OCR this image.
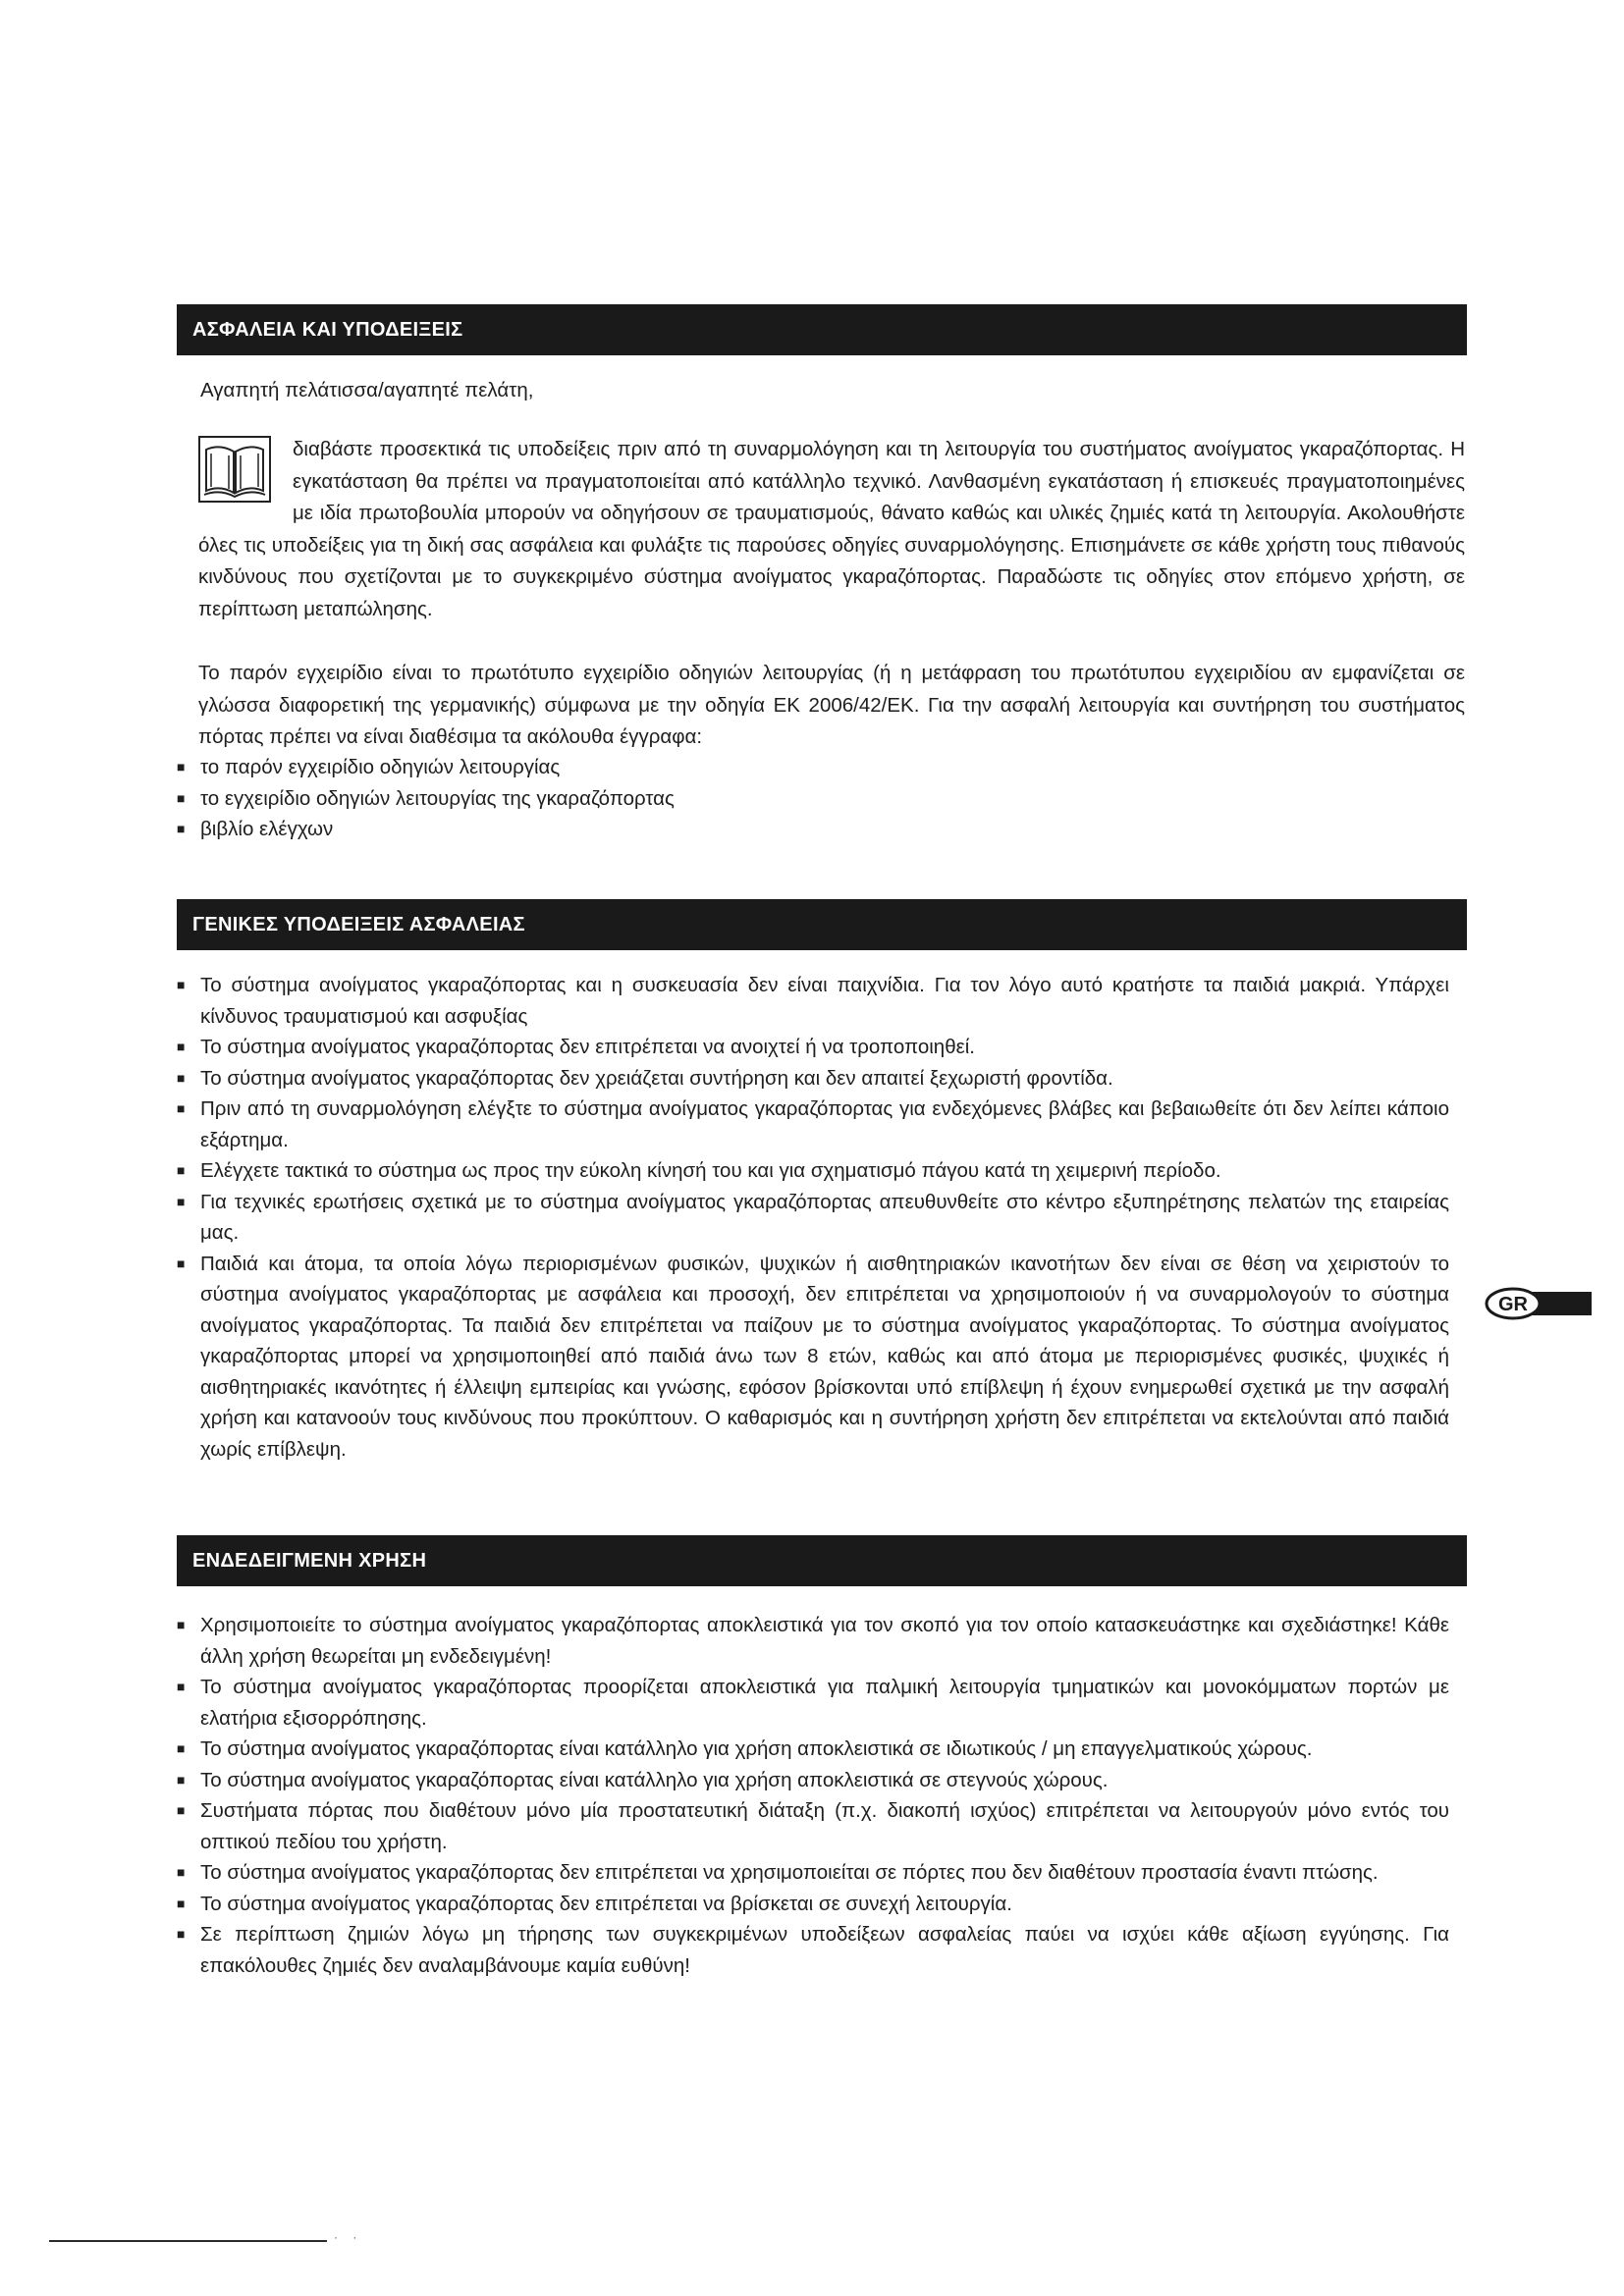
ΑΣΦΑΛΕΙΑ ΚΑΙ ΥΠΟΔΕΙΞΕΙΣ
Αγαπητή πελάτισσα/αγαπητέ πελάτη,
διαβάστε προσεκτικά τις υποδείξεις πριν από τη συναρμολόγηση και τη λειτουργία του συστήματος ανοίγματος γκαραζόπορτας. Η εγκατάσταση θα πρέπει να πραγματοποιείται από κατάλληλο τεχνικό. Λανθασμένη εγκατάσταση ή επισκευές πραγματοποιημένες με ιδία πρωτοβουλία μπορούν να οδηγήσουν σε τραυματισμούς, θάνατο καθώς και υλικές ζημιές κατά τη λειτουργία. Ακολουθήστε όλες τις υποδείξεις για τη δική σας ασφάλεια και φυλάξτε τις παρούσες οδηγίες συναρμολόγησης. Επισημάνετε σε κάθε χρήστη τους πιθανούς κινδύνους που σχετίζονται με το συγκεκριμένο σύστημα ανοίγματος γκαραζόπορτας. Παραδώστε τις οδηγίες στον επόμενο χρήστη, σε περίπτωση μεταπώλησης.
Το παρόν εγχειρίδιο είναι το πρωτότυπο εγχειρίδιο οδηγιών λειτουργίας (ή η μετάφραση του πρωτότυπου εγχειριδίου αν εμφανίζεται σε γλώσσα διαφορετική της γερμανικής) σύμφωνα με την οδηγία ΕΚ 2006/42/ΕΚ. Για την ασφαλή λειτουργία και συντήρηση του συστήματος πόρτας πρέπει να είναι διαθέσιμα τα ακόλουθα έγγραφα:
■ το παρόν εγχειρίδιο οδηγιών λειτουργίας
■ το εγχειρίδιο οδηγιών λειτουργίας της γκαραζόπορτας
■ βιβλίο ελέγχων
ΓΕΝΙΚΕΣ ΥΠΟΔΕΙΞΕΙΣ ΑΣΦΑΛΕΙΑΣ
■ Το σύστημα ανοίγματος γκαραζόπορτας και η συσκευασία δεν είναι παιχνίδια. Για τον λόγο αυτό κρατήστε τα παιδιά μακριά. Υπάρχει κίνδυνος τραυματισμού και ασφυξίας
■ Το σύστημα ανοίγματος γκαραζόπορτας δεν επιτρέπεται να ανοιχτεί ή να τροποποιηθεί.
■ Το σύστημα ανοίγματος γκαραζόπορτας δεν χρειάζεται συντήρηση και δεν απαιτεί ξεχωριστή φροντίδα.
■ Πριν από τη συναρμολόγηση ελέγξτε το σύστημα ανοίγματος γκαραζόπορτας για ενδεχόμενες βλάβες και βεβαιωθείτε ότι δεν λείπει κάποιο εξάρτημα.
■ Ελέγχετε τακτικά το σύστημα ως προς την εύκολη κίνησή του και για σχηματισμό πάγου κατά τη χειμερινή περίοδο.
■ Για τεχνικές ερωτήσεις σχετικά με το σύστημα ανοίγματος γκαραζόπορτας απευθυνθείτε στο κέντρο εξυπηρέτησης πελατών της εταιρείας μας.
■ Παιδιά και άτομα, τα οποία λόγω περιορισμένων φυσικών, ψυχικών ή αισθητηριακών ικανοτήτων δεν είναι σε θέση να χειριστούν το σύστημα ανοίγματος γκαραζόπορτας με ασφάλεια και προσοχή, δεν επιτρέπεται να χρησιμοποιούν ή να συναρμολογούν το σύστημα ανοίγματος γκαραζόπορτας. Τα παιδιά δεν επιτρέπεται να παίζουν με το σύστημα ανοίγματος γκαραζόπορτας. Το σύστημα ανοίγματος γκαραζόπορτας μπορεί να χρησιμοποιηθεί από παιδιά άνω των 8 ετών, καθώς και από άτομα με περιορισμένες φυσικές, ψυχικές ή αισθητηριακές ικανότητες ή έλλειψη εμπειρίας και γνώσης, εφόσον βρίσκονται υπό επίβλεψη ή έχουν ενημερωθεί σχετικά με την ασφαλή χρήση και κατανοούν τους κινδύνους που προκύπτουν. Ο καθαρισμός και η συντήρηση χρήστη δεν επιτρέπεται να εκτελούνται από παιδιά χωρίς επίβλεψη.
GR
ΕΝΔΕΔΕΙΓΜΕΝΗ ΧΡΗΣΗ
■ Χρησιμοποιείτε το σύστημα ανοίγματος γκαραζόπορτας αποκλειστικά για τον σκοπό για τον οποίο κατασκευάστηκε και σχεδιάστηκε! Κάθε άλλη χρήση θεωρείται μη ενδεδειγμένη!
■ Το σύστημα ανοίγματος γκαραζόπορτας προορίζεται αποκλειστικά για παλμική λειτουργία τμηματικών και μονοκόμματων πορτών με ελατήρια εξισορρόπησης.
■ Το σύστημα ανοίγματος γκαραζόπορτας είναι κατάλληλο για χρήση αποκλειστικά σε ιδιωτικούς / μη επαγγελματικούς χώρους.
■ Το σύστημα ανοίγματος γκαραζόπορτας είναι κατάλληλο για χρήση αποκλειστικά σε στεγνούς χώρους.
■ Συστήματα πόρτας που διαθέτουν μόνο μία προστατευτική διάταξη (π.χ. διακοπή ισχύος) επιτρέπεται να λειτουργούν μόνο εντός του οπτικού πεδίου του χρήστη.
■ Το σύστημα ανοίγματος γκαραζόπορτας δεν επιτρέπεται να χρησιμοποιείται σε πόρτες που δεν διαθέτουν προστασία έναντι πτώσης.
■ Το σύστημα ανοίγματος γκαραζόπορτας δεν επιτρέπεται να βρίσκεται σε συνεχή λειτουργία.
■ Σε περίπτωση ζημιών λόγω μη τήρησης των συγκεκριμένων υποδείξεων ασφαλείας παύει να ισχύει κάθε αξίωση εγγύησης. Για επακόλουθες ζημιές δεν αναλαμβάνουμε καμία ευθύνη!
· ·
